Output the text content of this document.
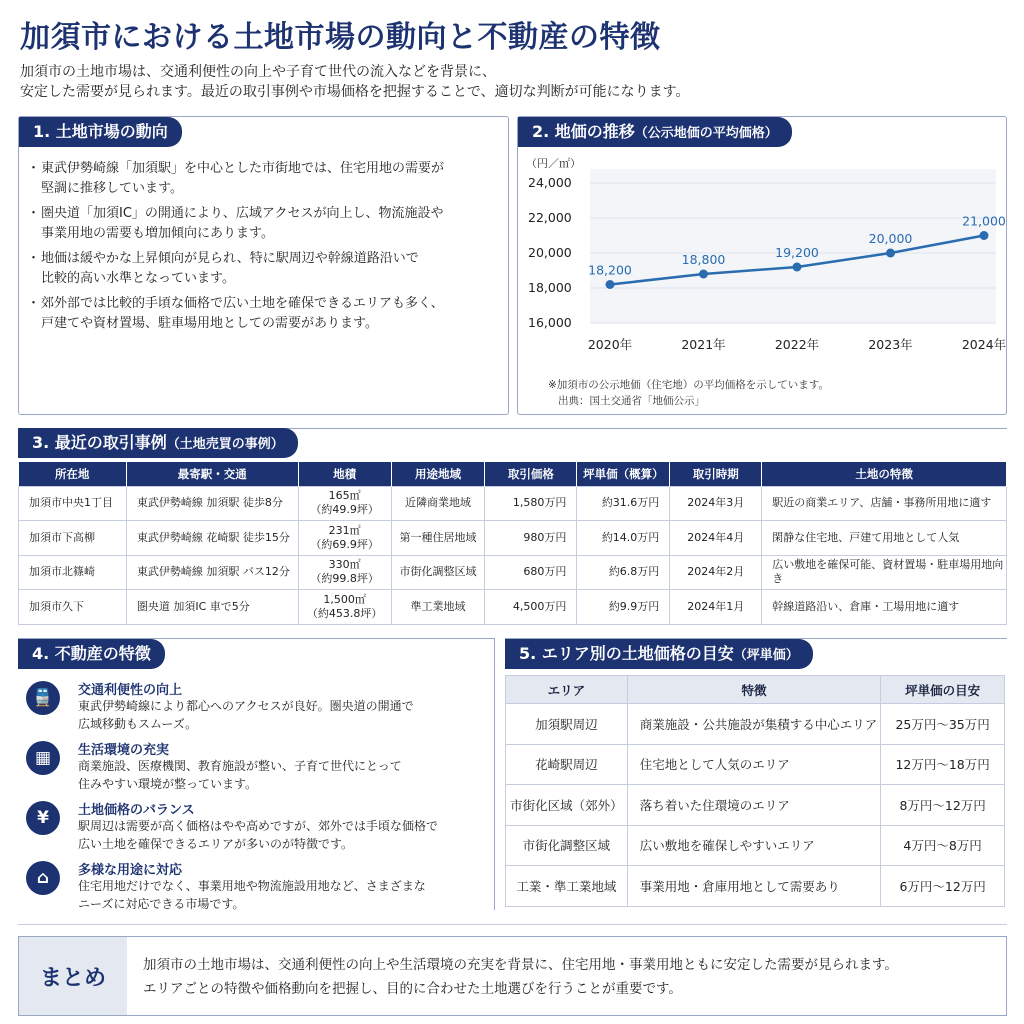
加須市における土地市場の動向と不動産の特徴
加須市の土地市場は、交通利便性の向上や子育て世代の流入などを背景に、
安定した需要が見られます。最近の取引事例や市場価格を把握することで、適切な判断が可能になります。
1. 土地市場の動向
・ 東武伊勢崎線「加須駅」を中心とした市街地では、住宅用地の需要が
堅調に推移しています。
・ 圏央道「加須IC」の開通により、広域アクセスが向上し、物流施設や
事業用地の需要も増加傾向にあります。
・ 地価は緩やかな上昇傾向が見られ、特に駅周辺や幹線道路沿いで
比較的高い水準となっています。
・ 郊外部では比較的手頃な価格で広い土地を確保できるエリアも多く、
戸建てや資材置場、駐車場用地としての需要があります。
2. 地価の推移（公示地価の平均価格）
（円／㎡）
16,000
18,000
20,000
22,000
24,000
2020年	2021年	2022年	2023年	2024年
18,200
18,800	19,200
20,000
21,000
※加須市の公示地価（住宅地）の平均価格を示しています。
出典：国土交通省「地価公示」
3. 最近の取引事例（土地売買の事例）
所在地	最寄駅・交通	地積	用途地域	取引価格	坪単価（概算）	取引時期	土地の特徴
加須市中央1丁目	東武伊勢崎線 加須駅 徒歩8分	165㎡
（約49.9坪）	近隣商業地域	1,580万円	約31.6万円	2024年3月	駅近の商業エリア、店舗・事務所用地に適す
加須市下高柳	東武伊勢崎線 花崎駅 徒歩15分	231㎡
（約69.9坪）	第一種住居地域	980万円	約14.0万円	2024年4月	閑静な住宅地、戸建て用地として人気
加須市北篠崎	東武伊勢崎線 加須駅 バス12分	330㎡
（約99.8坪）	市街化調整区域	680万円	約6.8万円	2024年2月	広い敷地を確保可能、資材置場・駐車場用地向き
加須市久下	圏央道 加須IC 車で5分	1,500㎡
（約453.8坪）	準工業地域	4,500万円	約9.9万円	2024年1月	幹線道路沿い、倉庫・工場用地に適す
4. 不動産の特徴
🚆	交通利便性の向上
東武伊勢崎線により都心へのアクセスが良好。圏央道の開通で
広域移動もスムーズ。
▦	生活環境の充実
商業施設、医療機関、教育施設が整い、子育て世代にとって
住みやすい環境が整っています。
¥	土地価格のバランス
駅周辺は需要が高く価格はやや高めですが、郊外では手頃な価格で
広い土地を確保できるエリアが多いのが特徴です。
⌂	多様な用途に対応
住宅用地だけでなく、事業用地や物流施設用地など、さまざまな
ニーズに対応できる市場です。
5. エリア別の土地価格の目安（坪単価）
エリア	特徴	坪単価の目安
加須駅周辺	商業施設・公共施設が集積する中心エリア	25万円〜35万円
花崎駅周辺	住宅地として人気のエリア	12万円〜18万円
市街化区域（郊外）	落ち着いた住環境のエリア	8万円〜12万円
市街化調整区域	広い敷地を確保しやすいエリア	4万円〜8万円
工業・準工業地域	事業用地・倉庫用地として需要あり	6万円〜12万円
まとめ
加須市の土地市場は、交通利便性の向上や生活環境の充実を背景に、住宅用地・事業用地ともに安定した需要が見られます。
エリアごとの特徴や価格動向を把握し、目的に合わせた土地選びを行うことが重要です。
